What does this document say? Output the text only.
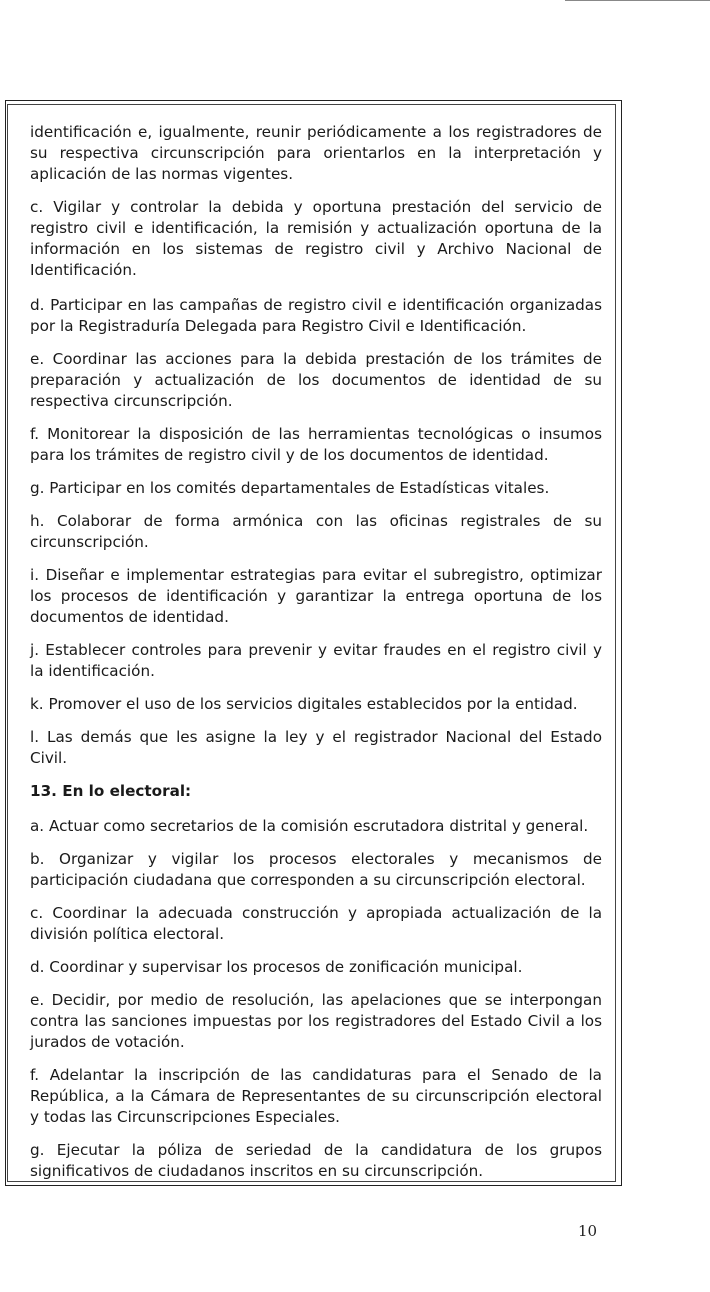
identificación e, igualmente, reunir periódicamente a los registradores de su respectiva circunscripción para orientarlos en la interpretación y aplicación de las normas vigentes.

c. Vigilar y controlar la debida y oportuna prestación del servicio de registro civil e identificación, la remisión y actualización oportuna de la información en los sistemas de registro civil y Archivo Nacional de Identificación.

d. Participar en las campañas de registro civil e identificación organizadas por la Registraduría Delegada para Registro Civil e Identificación.

e. Coordinar las acciones para la debida prestación de los trámites de preparación y actualización de los documentos de identidad de su respectiva circunscripción.

f. Monitorear la disposición de las herramientas tecnológicas o insumos para los trámites de registro civil y de los documentos de identidad.

g. Participar en los comités departamentales de Estadísticas vitales.

h. Colaborar de forma armónica con las oficinas registrales de su circunscripción.

i. Diseñar e implementar estrategias para evitar el subregistro, optimizar los procesos de identificación y garantizar la entrega oportuna de los documentos de identidad.

j. Establecer controles para prevenir y evitar fraudes en el registro civil y la identificación.

k. Promover el uso de los servicios digitales establecidos por la entidad.

l. Las demás que les asigne la ley y el registrador Nacional del Estado Civil.

13. En lo electoral:

a. Actuar como secretarios de la comisión escrutadora distrital y general.

b. Organizar y vigilar los procesos electorales y mecanismos de participación ciudadana que corresponden a su circunscripción electoral.

c. Coordinar la adecuada construcción y apropiada actualización de la división política electoral.

d. Coordinar y supervisar los procesos de zonificación municipal.

e. Decidir, por medio de resolución, las apelaciones que se interpongan contra las sanciones impuestas por los registradores del Estado Civil a los jurados de votación.

f. Adelantar la inscripción de las candidaturas para el Senado de la República, a la Cámara de Representantes de su circunscripción electoral y todas las Circunscripciones Especiales.

g. Ejecutar la póliza de seriedad de la candidatura de los grupos significativos de ciudadanos inscritos en su circunscripción.

10
